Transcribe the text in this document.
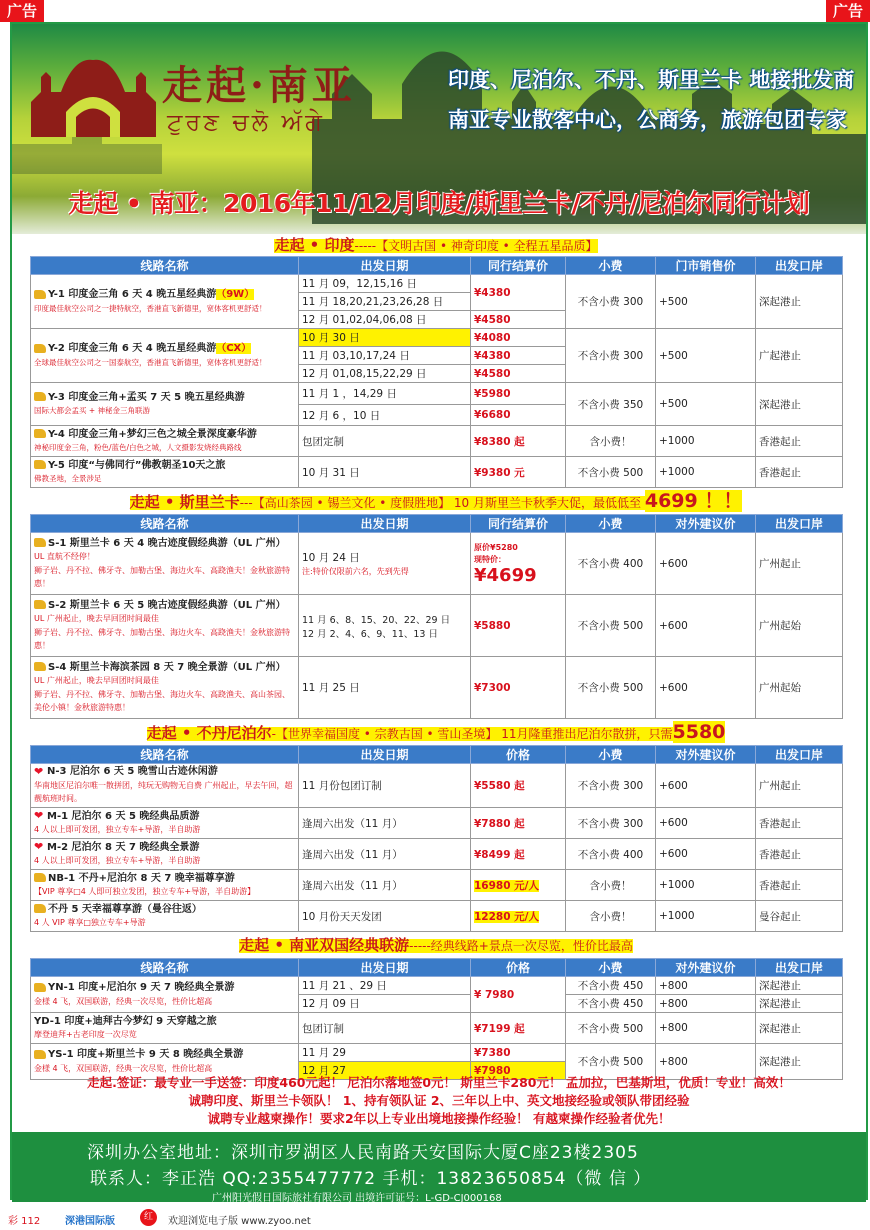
广告	广告
走起·南亚
ਟੁਰਣ ਚਲੋ ਅੱਗੇ
印度、尼泊尔、不丹、斯里兰卡 地接批发商
南亚专业散客中心，公商务，旅游包团专家
走起 • 南亚：2016年11/12月印度/斯里兰卡/不丹/尼泊尔同行计划
走起 • 印度-----【文明古国 • 神奇印度 • 全程五星品质】
线路名称	出发日期	同行结算价	小费	门市销售价	出发口岸
Y-1 印度金三角 6 天 4 晚五星经典游（9W）
印度最佳航空公司之一捷特航空，香港直飞新德里，宽体客机更舒适！	11 月 09，12,15,16 日	¥4380	不含小费 300	+500	深起港止
	11 月 18,20,21,23,26,28 日				
	12 月 01,02,04,06,08 日	¥4580			
Y-2 印度金三角 6 天 4 晚五星经典游（CX）
全球最佳航空公司之一国泰航空，香港直飞新德里，宽体客机更舒适！	10 月 30 日	¥4080	不含小费 300	+500	广起港止
	11 月 03,10,17,24 日	¥4380			
	12 月 01,08,15,22,29 日	¥4580			
Y-3 印度金三角+孟买 7 天 5 晚五星经典游
国际大都会孟买 + 神秘金三角联游	11 月 1 ，14,29 日	¥5980	不含小费 350	+500	深起港止
	12 月 6 ，10 日	¥6680			
Y-4 印度金三角+梦幻三色之城全景深度豪华游
神秘印度金三角，粉色/蓝色/白色之城，人文摄影发烧经典路线	包团定制	¥8380 起	含小费！	+1000	香港起止
Y-5 印度“与佛同行”佛教朝圣10天之旅
佛教圣地，全景涉足	10 月 31 日	¥9380 元	不含小费 500	+1000	香港起止
走起 • 斯里兰卡---【高山茶园 • 锡兰文化 • 度假胜地】 10 月斯里兰卡秋季大促，最低低至 4699 ！！
线路名称	出发日期	同行结算价	小费	对外建议价	出发口岸
S-1 斯里兰卡 6 天 4 晚古迹度假经典游（UL 广州）
UL 直航不经停！
狮子岩、丹不拉、佛牙寺、加勒古堡、海边火车、高跷渔夫！金秋旅游特惠！	10 月 24 日
注:特价仅限前六名，先到先得	原价¥5280
现特价：
¥4699	不含小费 400	+600	广州起止
S-2 斯里兰卡 6 天 5 晚古迹度假经典游（UL 广州）
UL 广州起止，晚去早回团时间最佳
狮子岩、丹不拉、佛牙寺、加勒古堡、海边火车、高跷渔夫！金秋旅游特惠！	11 月 6、8、15、20、22、29 日
12 月 2、4、6、9、11、13 日	¥5880	不含小费 500	+600	广州起始
S-4 斯里兰卡海滨茶园 8 天 7 晚全景游（UL 广州）
UL 广州起止，晚去早回团时间最佳
狮子岩、丹不拉、佛牙寺、加勒古堡、海边火车、高跷渔夫、高山茶园、美伦小镇！金秋旅游特惠！	11 月 25 日	¥7300	不含小费 500	+600	广州起始
走起 • 不丹尼泊尔-【世界幸福国度 • 宗教古国 • 雪山圣境】 11月隆重推出尼泊尔散拼，只需5580
线路名称	出发日期	价格	小费	对外建议价	出发口岸
❤ N-3 尼泊尔 6 天 5 晚雪山古迹休闲游
华南地区尼泊尔唯一散拼团，纯玩无购物无自费 广州起止，早去午回，超靓航班时间。	11 月份包团订制	¥5580 起	不含小费 300	+600	广州起止
❤ M-1 尼泊尔 6 天 5 晚经典品质游
4 人以上即可发团，独立专车+导游，半自助游	逢周六出发（11 月）	¥7880 起	不含小费 300	+600	香港起止
❤ M-2 尼泊尔 8 天 7 晚经典全景游
4 人以上即可发团，独立专车+导游，半自助游	逢周六出发（11 月）	¥8499 起	不含小费 400	+600	香港起止
NB-1 不丹+尼泊尔 8 天 7 晚幸福尊享游
【VIP 尊享□4 人即可独立发团，独立专车+导游，半自助游】	逢周六出发（11 月）	16980 元/人	含小费！	+1000	香港起止
不丹 5 天幸福尊享游（曼谷往返）
4 人 VIP 尊享□独立专车+导游	10 月份天天发团	12280 元/人	含小费！	+1000	曼谷起止
走起 • 南亚双国经典联游-----经典线路+景点一次尽览，性价比最高
线路名称	出发日期	价格	小费	对外建议价	出发口岸
YN-1 印度+尼泊尔 9 天 7 晚经典全景游
金様 4 飞，双国联游，经典一次尽览，性价比超高	11 月 21 、29 日	¥ 7980	不含小费 450	+800	深起港止
	12 月 09 日		不含小费 450	+800	深起港止
YD-1 印度+迪拜古今梦幻 9 天穿越之旅
摩登迪拜+古老印度一次尽览	包团订制	¥7199 起	不含小费 500	+800	深起港止
YS-1 印度+斯里兰卡 9 天 8 晚经典全景游
金様 4 飞，双国联游，经典一次尽览，性价比超高	11 月 29	¥7380	不含小费 500	+800	深起港止
	12 月 27	¥7980			
走起.签证：最专业一手送签：印度460元起！ 尼泊尔落地签0元！ 斯里兰卡280元！ 孟加拉，巴基斯坦，优质！专业！高效！
诚聘印度、斯里兰卡领队！ 1、持有领队证 2、三年以上中、英文地接经验或领队带团经验
诚聘专业越柬操作！要求2年以上专业出境地接操作经验！ 有越柬操作经验者优先！
深圳办公室地址：深圳市罗湖区人民南路天安国际大厦C座23楼2305
联系人：李正浩 QQ:2355477772 手机：13823650854（微 信 ）
广州阳光假日国际旅社有限公司 出境许可证号：L-GD-CJ000168
彩 112 深港国际版	红	欢迎浏览电子版 www.zyoo.net
